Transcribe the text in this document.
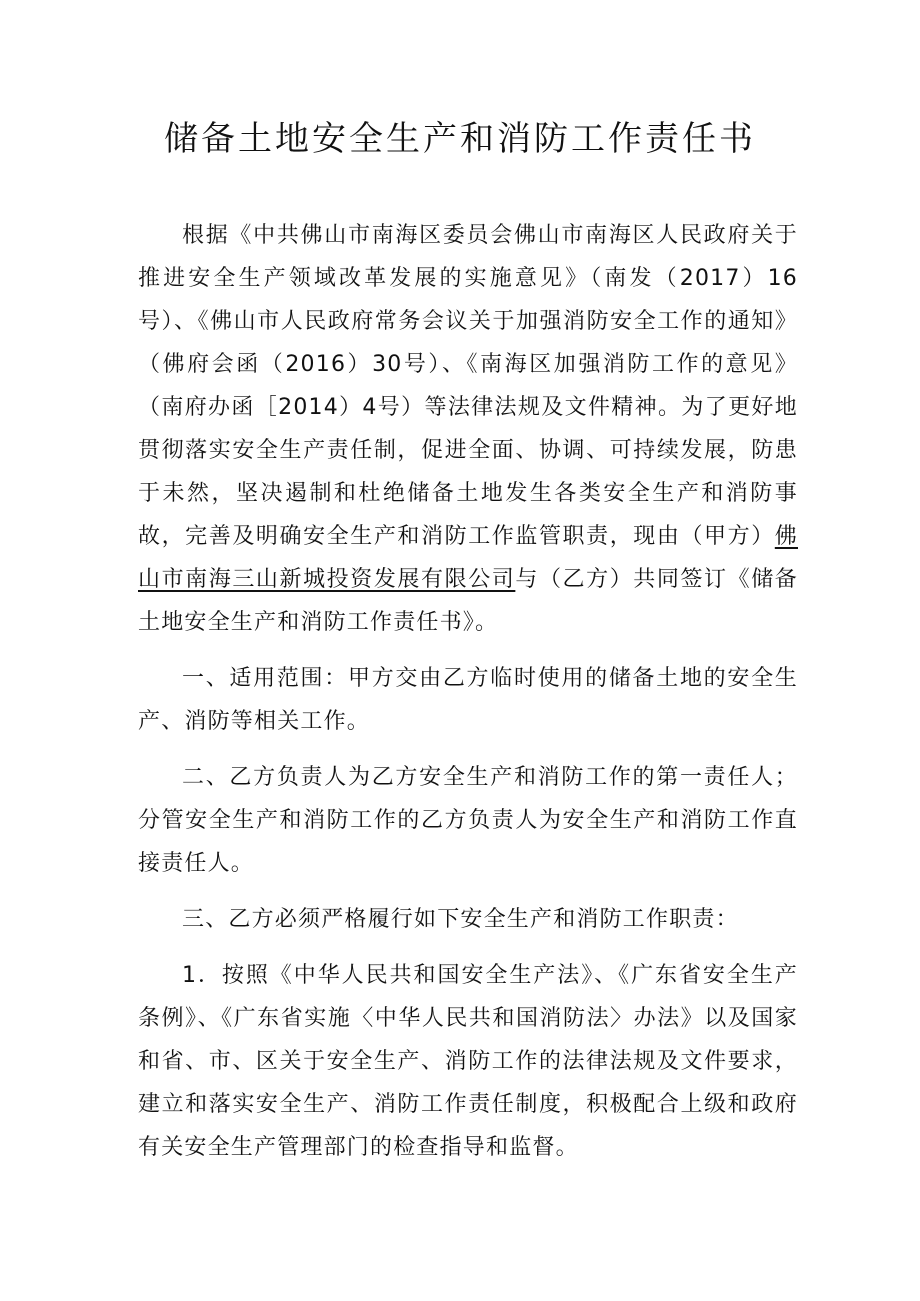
储备土地安全生产和消防工作责任书

根据《中共佛山市南海区委员会佛山市南海区人民政府关于推进安全生产领域改革发展的实施意见》（南发（2017）16号）、《佛山市人民政府常务会议关于加强消防安全工作的通知》（佛府会函（2016）30号）、《南海区加强消防工作的意见》（南府办函［2014）4号）等法律法规及文件精神。为了更好地贯彻落实安全生产责任制，促进全面、协调、可持续发展，防患于未然，坚决遏制和杜绝储备土地发生各类安全生产和消防事故，完善及明确安全生产和消防工作监管职责，现由（甲方）佛山市南海三山新城投资发展有限公司与（乙方）共同签订《储备土地安全生产和消防工作责任书》。

一、适用范围：甲方交由乙方临时使用的储备土地的安全生产、消防等相关工作。

二、乙方负责人为乙方安全生产和消防工作的第一责任人；分管安全生产和消防工作的乙方负责人为安全生产和消防工作直接责任人。

三、乙方必须严格履行如下安全生产和消防工作职责：

1．按照《中华人民共和国安全生产法》、《广东省安全生产条例》、《广东省实施〈中华人民共和国消防法〉办法》以及国家和省、市、区关于安全生产、消防工作的法律法规及文件要求，建立和落实安全生产、消防工作责任制度，积极配合上级和政府有关安全生产管理部门的检查指导和监督。
